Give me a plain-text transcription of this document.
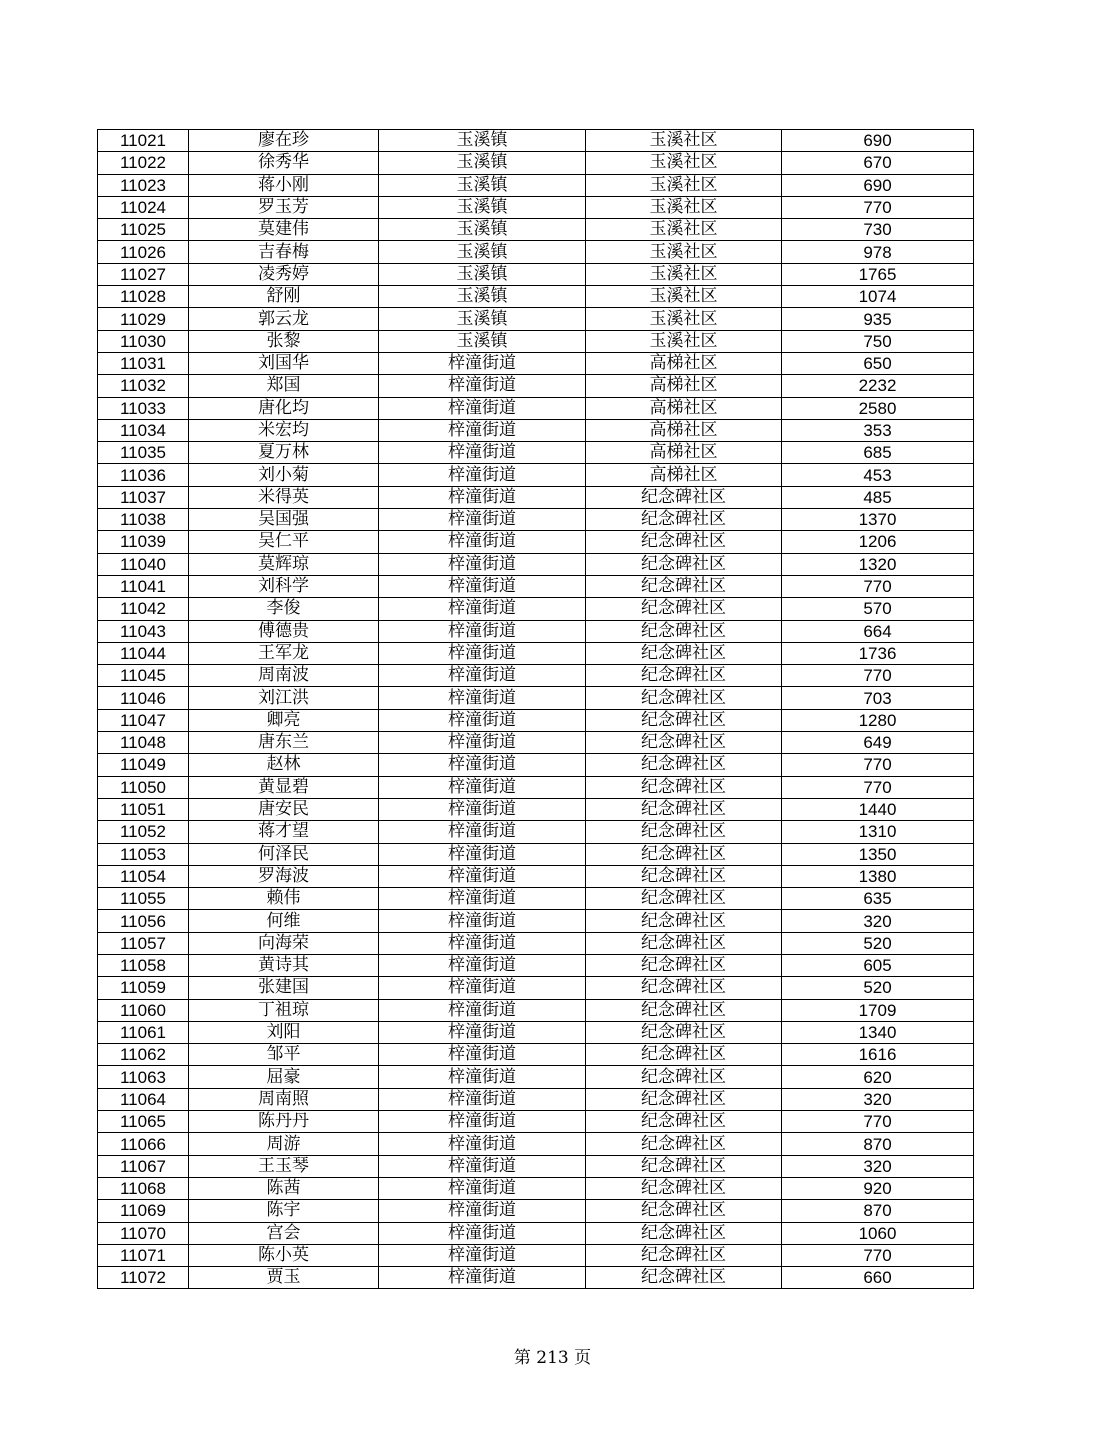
11021	廖在珍	玉溪镇	玉溪社区	690
11022	徐秀华	玉溪镇	玉溪社区	670
11023	蒋小刚	玉溪镇	玉溪社区	690
11024	罗玉芳	玉溪镇	玉溪社区	770
11025	莫建伟	玉溪镇	玉溪社区	730
11026	吉春梅	玉溪镇	玉溪社区	978
11027	凌秀婷	玉溪镇	玉溪社区	1765
11028	舒刚	玉溪镇	玉溪社区	1074
11029	郭云龙	玉溪镇	玉溪社区	935
11030	张黎	玉溪镇	玉溪社区	750
11031	刘国华	梓潼街道	高梯社区	650
11032	郑国	梓潼街道	高梯社区	2232
11033	唐化均	梓潼街道	高梯社区	2580
11034	米宏均	梓潼街道	高梯社区	353
11035	夏万林	梓潼街道	高梯社区	685
11036	刘小菊	梓潼街道	高梯社区	453
11037	米得英	梓潼街道	纪念碑社区	485
11038	吴国强	梓潼街道	纪念碑社区	1370
11039	吴仁平	梓潼街道	纪念碑社区	1206
11040	莫辉琼	梓潼街道	纪念碑社区	1320
11041	刘科学	梓潼街道	纪念碑社区	770
11042	李俊	梓潼街道	纪念碑社区	570
11043	傅德贵	梓潼街道	纪念碑社区	664
11044	王军龙	梓潼街道	纪念碑社区	1736
11045	周南波	梓潼街道	纪念碑社区	770
11046	刘江洪	梓潼街道	纪念碑社区	703
11047	卿亮	梓潼街道	纪念碑社区	1280
11048	唐东兰	梓潼街道	纪念碑社区	649
11049	赵林	梓潼街道	纪念碑社区	770
11050	黄显碧	梓潼街道	纪念碑社区	770
11051	唐安民	梓潼街道	纪念碑社区	1440
11052	蒋才望	梓潼街道	纪念碑社区	1310
11053	何泽民	梓潼街道	纪念碑社区	1350
11054	罗海波	梓潼街道	纪念碑社区	1380
11055	赖伟	梓潼街道	纪念碑社区	635
11056	何维	梓潼街道	纪念碑社区	320
11057	向海荣	梓潼街道	纪念碑社区	520
11058	黄诗其	梓潼街道	纪念碑社区	605
11059	张建国	梓潼街道	纪念碑社区	520
11060	丁祖琼	梓潼街道	纪念碑社区	1709
11061	刘阳	梓潼街道	纪念碑社区	1340
11062	邹平	梓潼街道	纪念碑社区	1616
11063	屈豪	梓潼街道	纪念碑社区	620
11064	周南照	梓潼街道	纪念碑社区	320
11065	陈丹丹	梓潼街道	纪念碑社区	770
11066	周游	梓潼街道	纪念碑社区	870
11067	王玉琴	梓潼街道	纪念碑社区	320
11068	陈茜	梓潼街道	纪念碑社区	920
11069	陈宇	梓潼街道	纪念碑社区	870
11070	宫会	梓潼街道	纪念碑社区	1060
11071	陈小英	梓潼街道	纪念碑社区	770
11072	贾玉	梓潼街道	纪念碑社区	660
第 213 页
